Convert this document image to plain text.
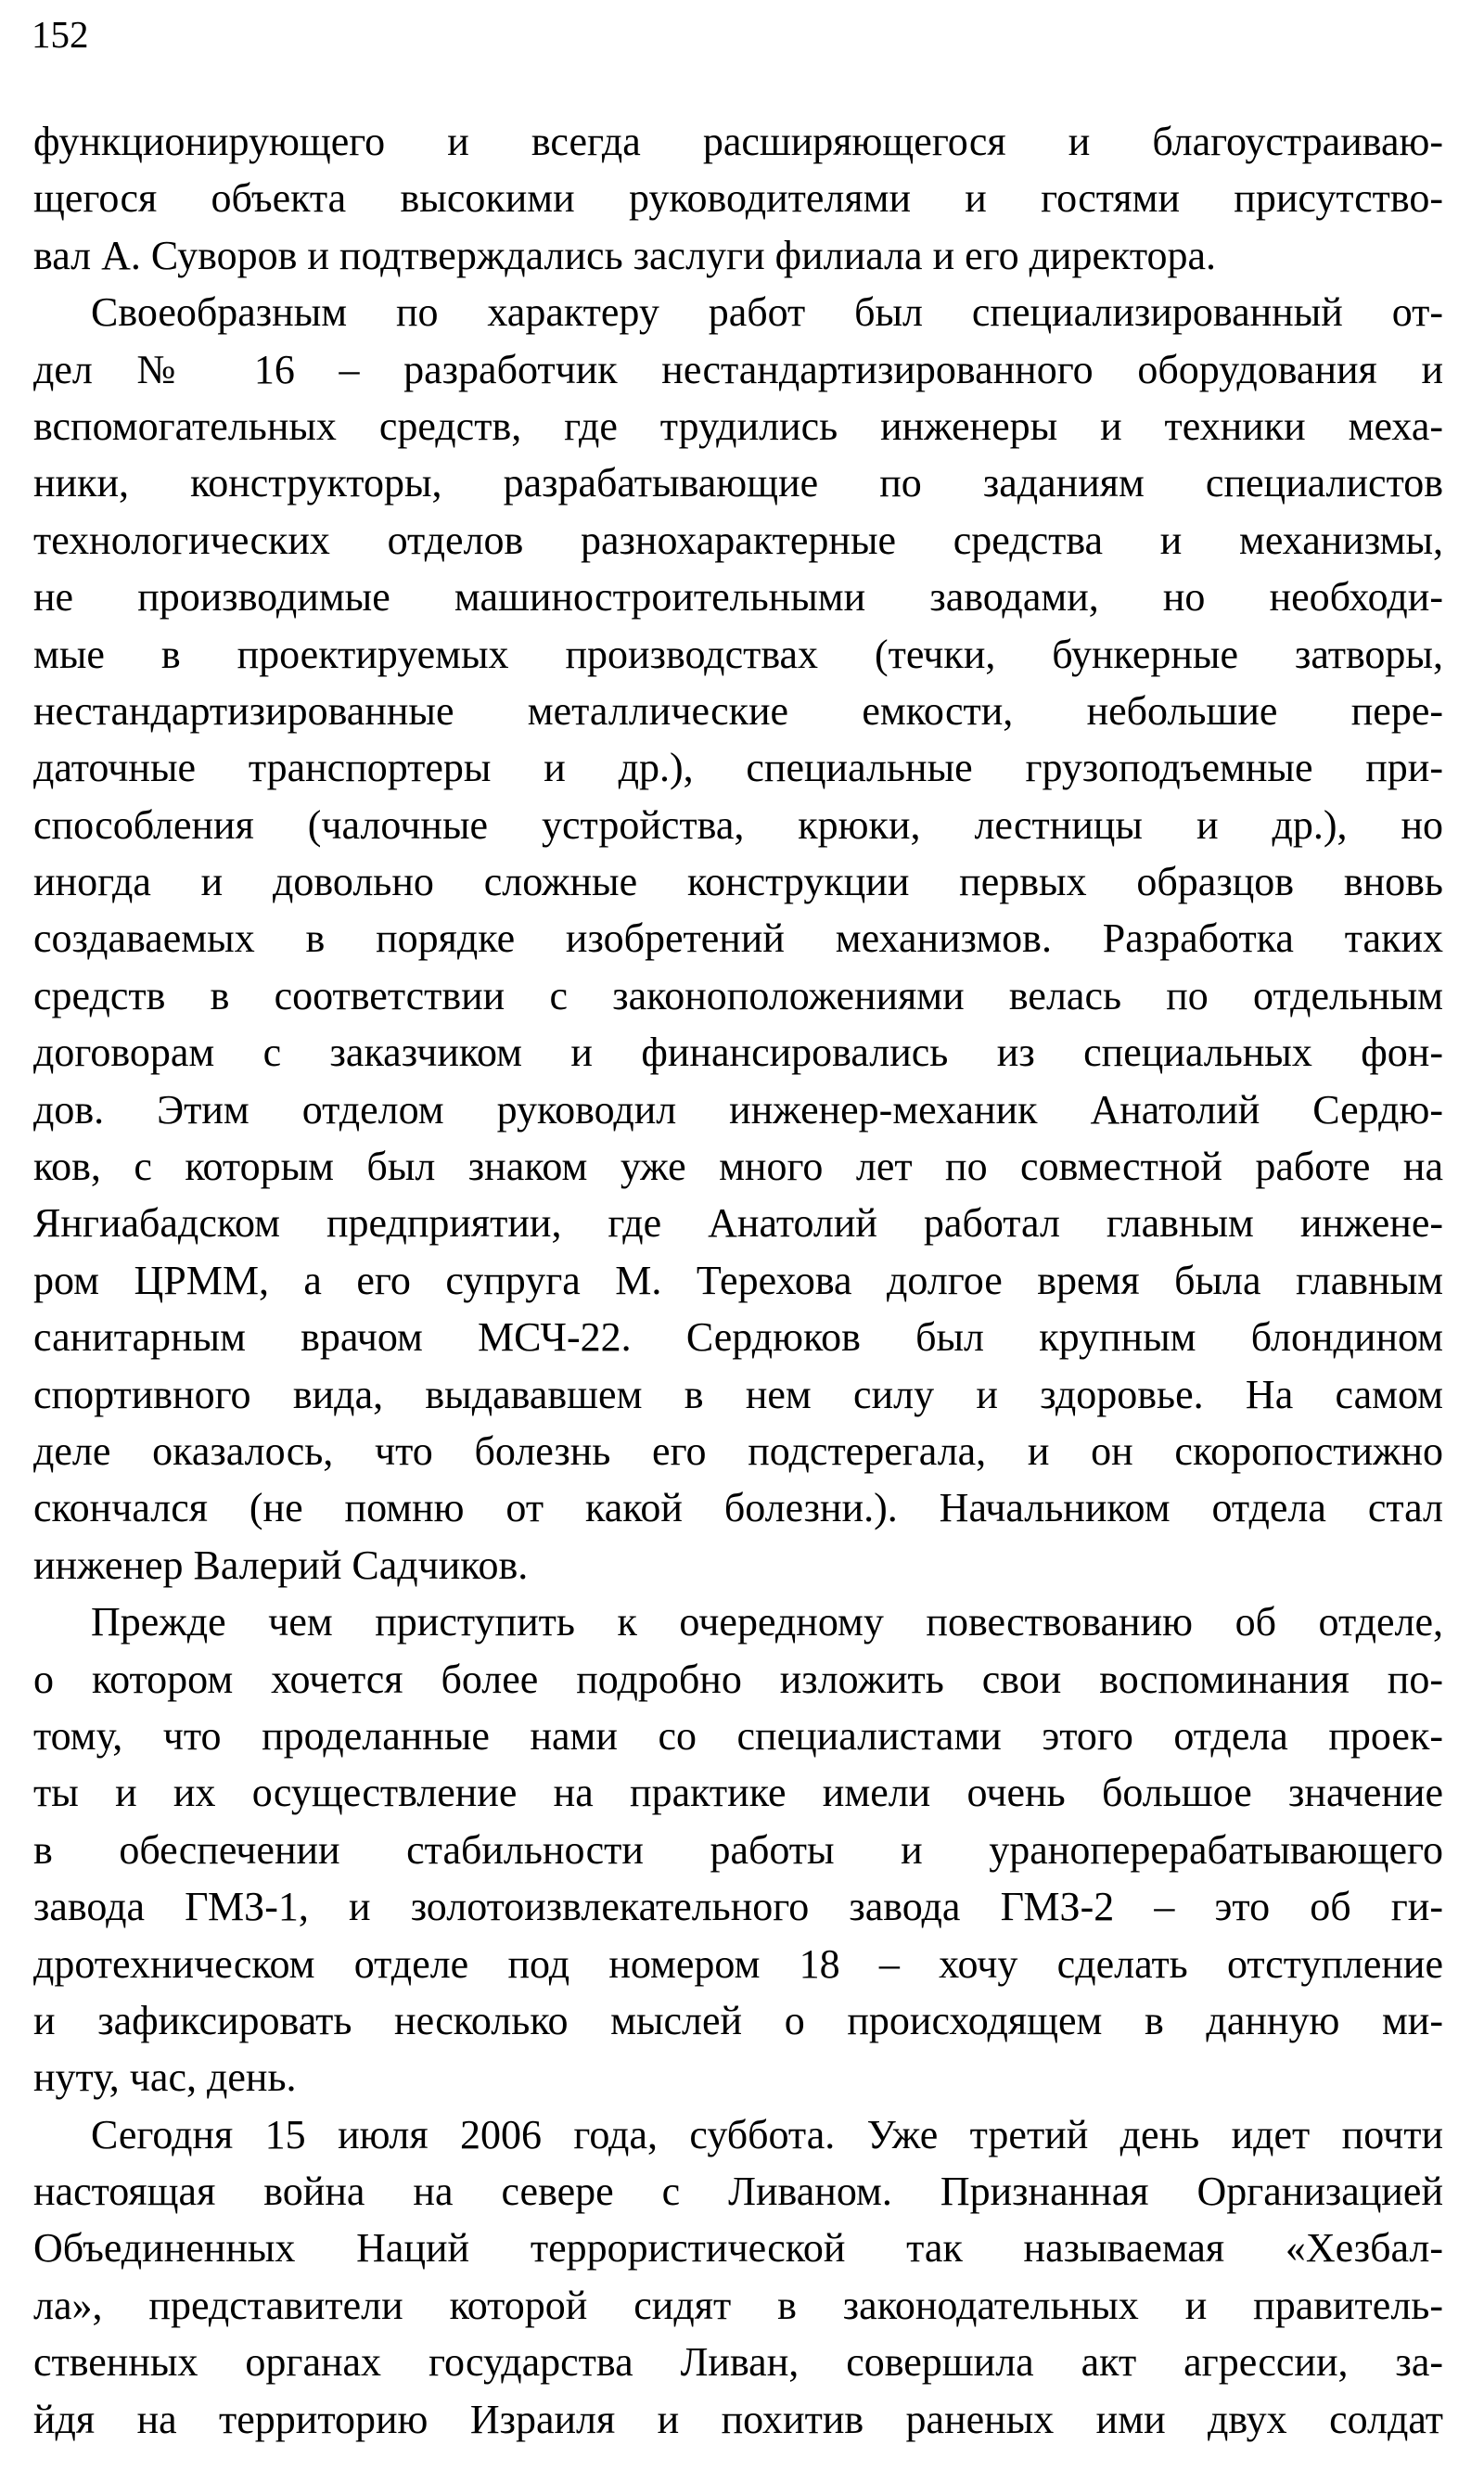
152
функционирующего и всегда расширяющегося и благоустраиваю-
щегося объекта высокими руководителями и гостями присутство-
вал А. Суворов и подтверждались заслуги филиала и его директора.
Своеобразным по характеру работ был специализированный от-
дел № 16 – разработчик нестандартизированного оборудования и
вспомогательных средств, где трудились инженеры и техники меха-
ники, конструкторы, разрабатывающие по заданиям специалистов
технологических отделов разнохарактерные средства и механизмы,
не производимые машиностроительными заводами, но необходи-
мые в проектируемых производствах (течки, бункерные затворы,
нестандартизированные металлические емкости, небольшие пере-
даточные транспортеры и др.), специальные грузоподъемные при-
способления (чалочные устройства, крюки, лестницы и др.), но
иногда и довольно сложные конструкции первых образцов вновь
создаваемых в порядке изобретений механизмов. Разработка таких
средств в соответствии с законоположениями велась по отдельным
договорам с заказчиком и финансировались из специальных фон-
дов. Этим отделом руководил инженер-механик Анатолий Сердю-
ков, с которым был знаком уже много лет по совместной работе на
Янгиабадском предприятии, где Анатолий работал главным инжене-
ром ЦРММ, а его супруга М. Терехова долгое время была главным
санитарным врачом МСЧ-22. Сердюков был крупным блондином
спортивного вида, выдававшем в нем силу и здоровье. На самом
деле оказалось, что болезнь его подстерегала, и он скоропостижно
скончался (не помню от какой болезни.). Начальником отдела стал
инженер Валерий Садчиков.
Прежде чем приступить к очередному повествованию об отделе,
о котором хочется более подробно изложить свои воспоминания по-
тому, что проделанные нами со специалистами этого отдела проек-
ты и их осуществление на практике имели очень большое значение
в обеспечении стабильности работы и уранoперерабатывающего
завода ГМЗ-1, и золотоизвлекательного завода ГМЗ-2 – это об ги-
дротехническом отделе под номером 18 – хочу сделать отступление
и зафиксировать несколько мыслей о происходящем в данную ми-
нуту, час, день.
Сегодня 15 июля 2006 года, суббота. Уже третий день идет почти
настоящая война на севере с Ливаном. Признанная Организацией
Объединенных Наций террористической так называемая «Хезбал-
ла», представители которой сидят в законодательных и правитель-
ственных органах государства Ливан, совершила акт агрессии, за-
йдя на территорию Израиля и похитив раненых ими двух солдат
